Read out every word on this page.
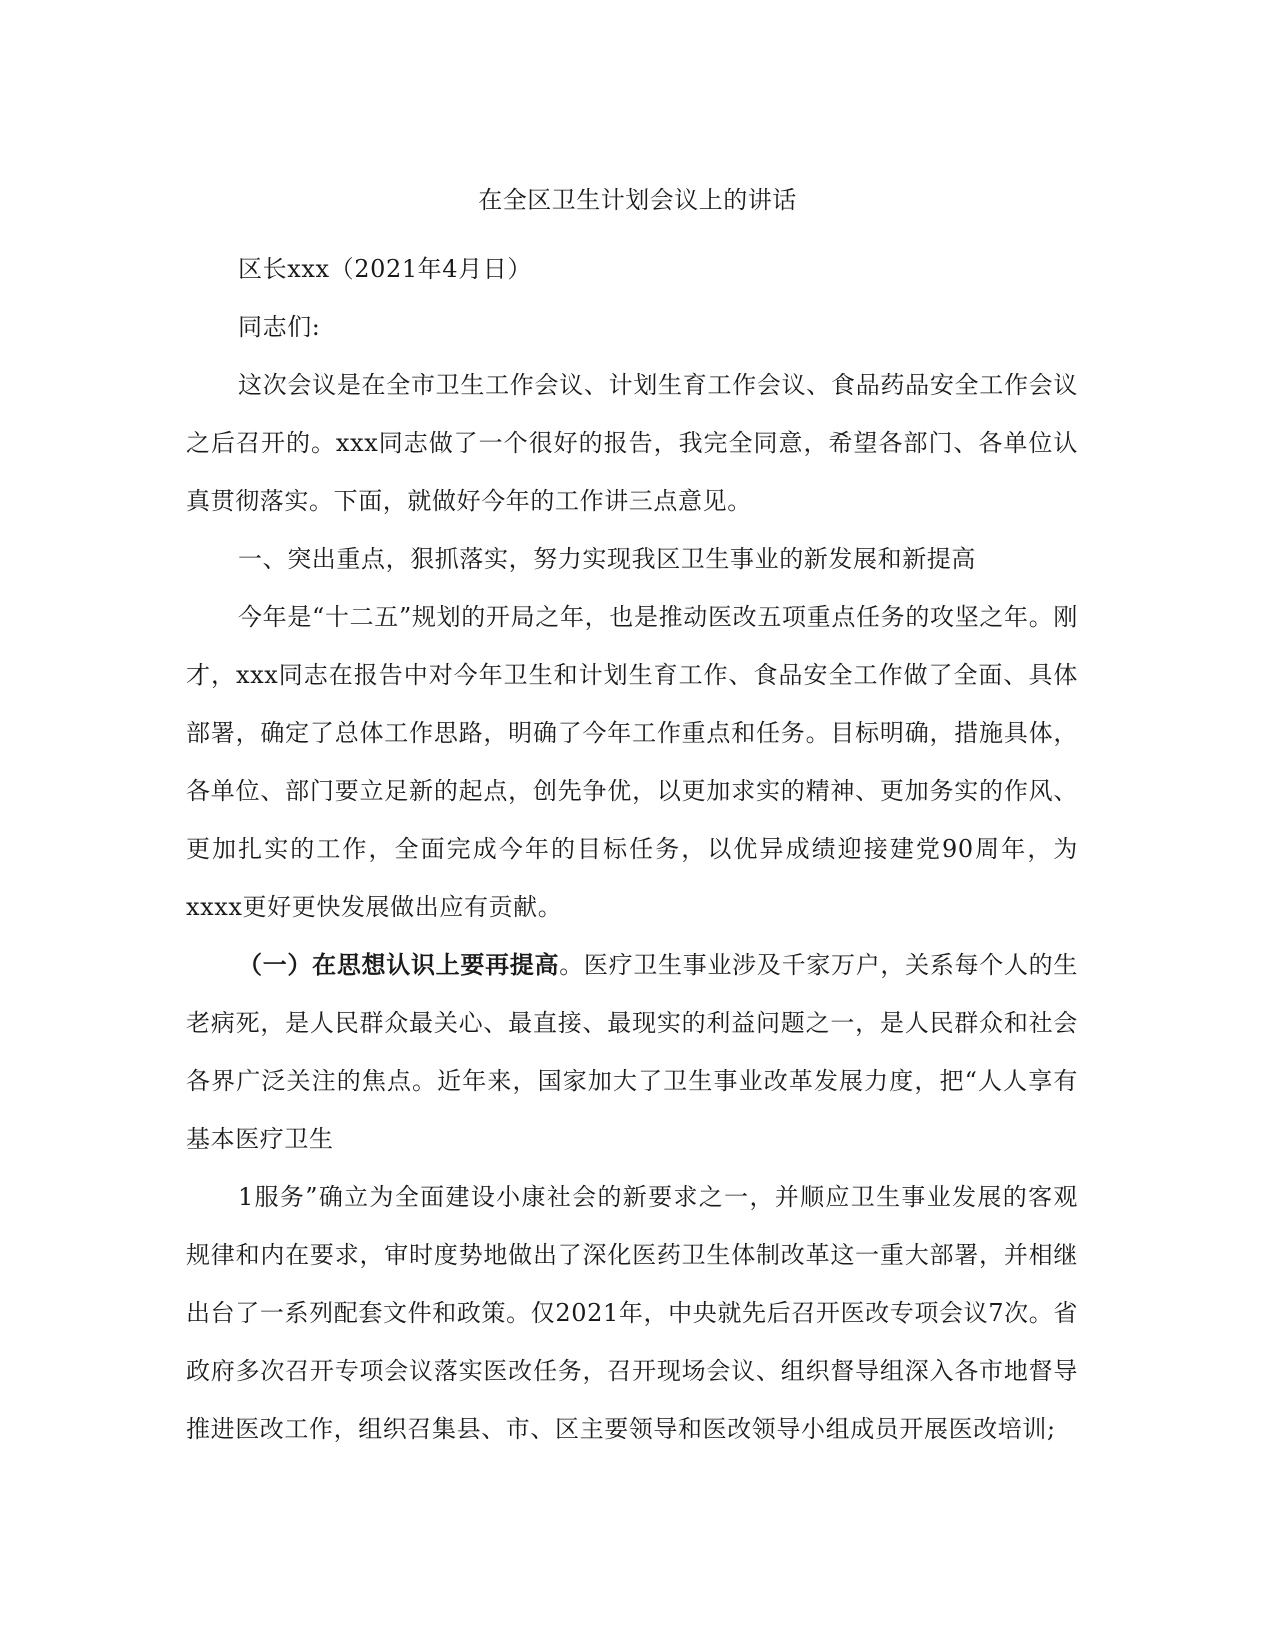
在全区卫生计划会议上的讲话

区长xxx（2021年4月日）

同志们:

这次会议是在全市卫生工作会议、计划生育工作会议、食品药品安全工作会议之后召开的。xxx同志做了一个很好的报告，我完全同意，希望各部门、各单位认真贯彻落实。下面，就做好今年的工作讲三点意见。

一、突出重点，狠抓落实，努力实现我区卫生事业的新发展和新提高

今年是“十二五”规划的开局之年，也是推动医改五项重点任务的攻坚之年。刚才，xxx同志在报告中对今年卫生和计划生育工作、食品安全工作做了全面、具体部署，确定了总体工作思路，明确了今年工作重点和任务。目标明确，措施具体，各单位、部门要立足新的起点，创先争优，以更加求实的精神、更加务实的作风、更加扎实的工作，全面完成今年的目标任务，以优异成绩迎接建党90周年，为xxxx更好更快发展做出应有贡献。

（一）在思想认识上要再提高。医疗卫生事业涉及千家万户，关系每个人的生老病死，是人民群众最关心、最直接、最现实的利益问题之一，是人民群众和社会各界广泛关注的焦点。近年来，国家加大了卫生事业改革发展力度，把“人人享有基本医疗卫生

1服务”确立为全面建设小康社会的新要求之一，并顺应卫生事业发展的客观规律和内在要求，审时度势地做出了深化医药卫生体制改革这一重大部署，并相继出台了一系列配套文件和政策。仅2021年，中央就先后召开医改专项会议7次。省政府多次召开专项会议落实医改任务，召开现场会议、组织督导组深入各市地督导推进医改工作，组织召集县、市、区主要领导和医改领导小组成员开展医改培训;
